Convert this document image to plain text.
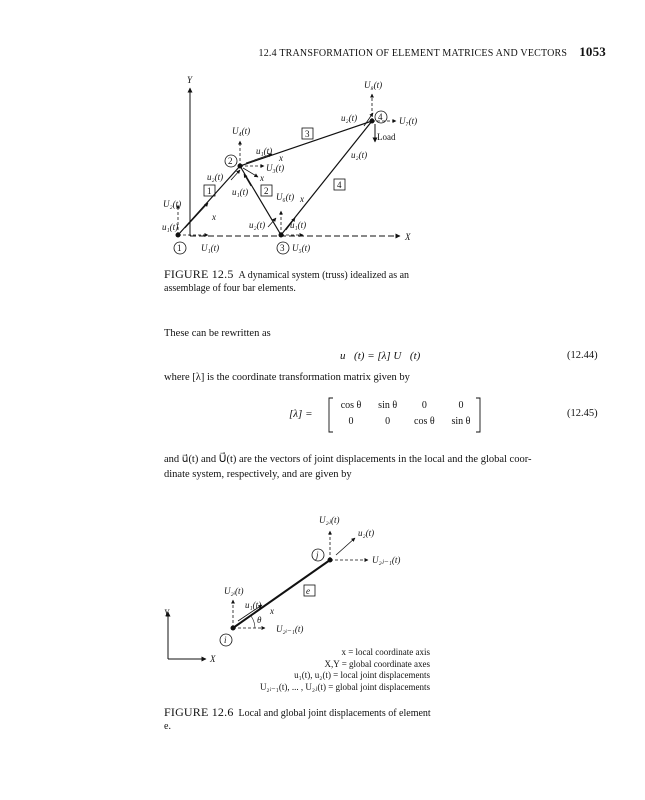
12.4 TRANSFORMATION OF ELEMENT MATRICES AND VECTORS 1053
Y
X
1
2
3
4
1	2
3
4
U₈(t)
U₇(t)
u₂(t)
Load
u₂(t)
U₄(t)
u₁(t)
x
U₃(t)
x
u₂(t)
u₁(t)	U₆(t) x
u₂(t)	u₁(t)
U₅(t)
U₂(t)
u₁(t)
x
U₁(t)
Y
X
j
i
e
U₂ⱼ(t)
u₂(t)
U₂ⱼ₋₁(t)
U₂ᵢ(t)
u₁(t)
x
θ
U₂ᵢ₋₁(t)
FIGURE 12.5 A dynamical system (truss) idealized as an assemblage of four bar elements.
These can be rewritten as
u⃗(t) = [λ] U⃗(t)	(12.44)
where [λ] is the coordinate transformation matrix given by
[λ] =
cos θ	sin θ	0	0
0	0	cos θ	sin θ
(12.45)
and u⃗(t) and U⃗(t) are the vectors of joint displacements in the local and the global coor-
dinate system, respectively, and are given by
x = local coordinate axis
X,Y = global coordinate axes
u₁(t), u₂(t) = local joint displacements
U₂ᵢ₋₁(t), ... , U₂ⱼ(t) = global joint displacements
FIGURE 12.6 Local and global joint displacements of element e.
